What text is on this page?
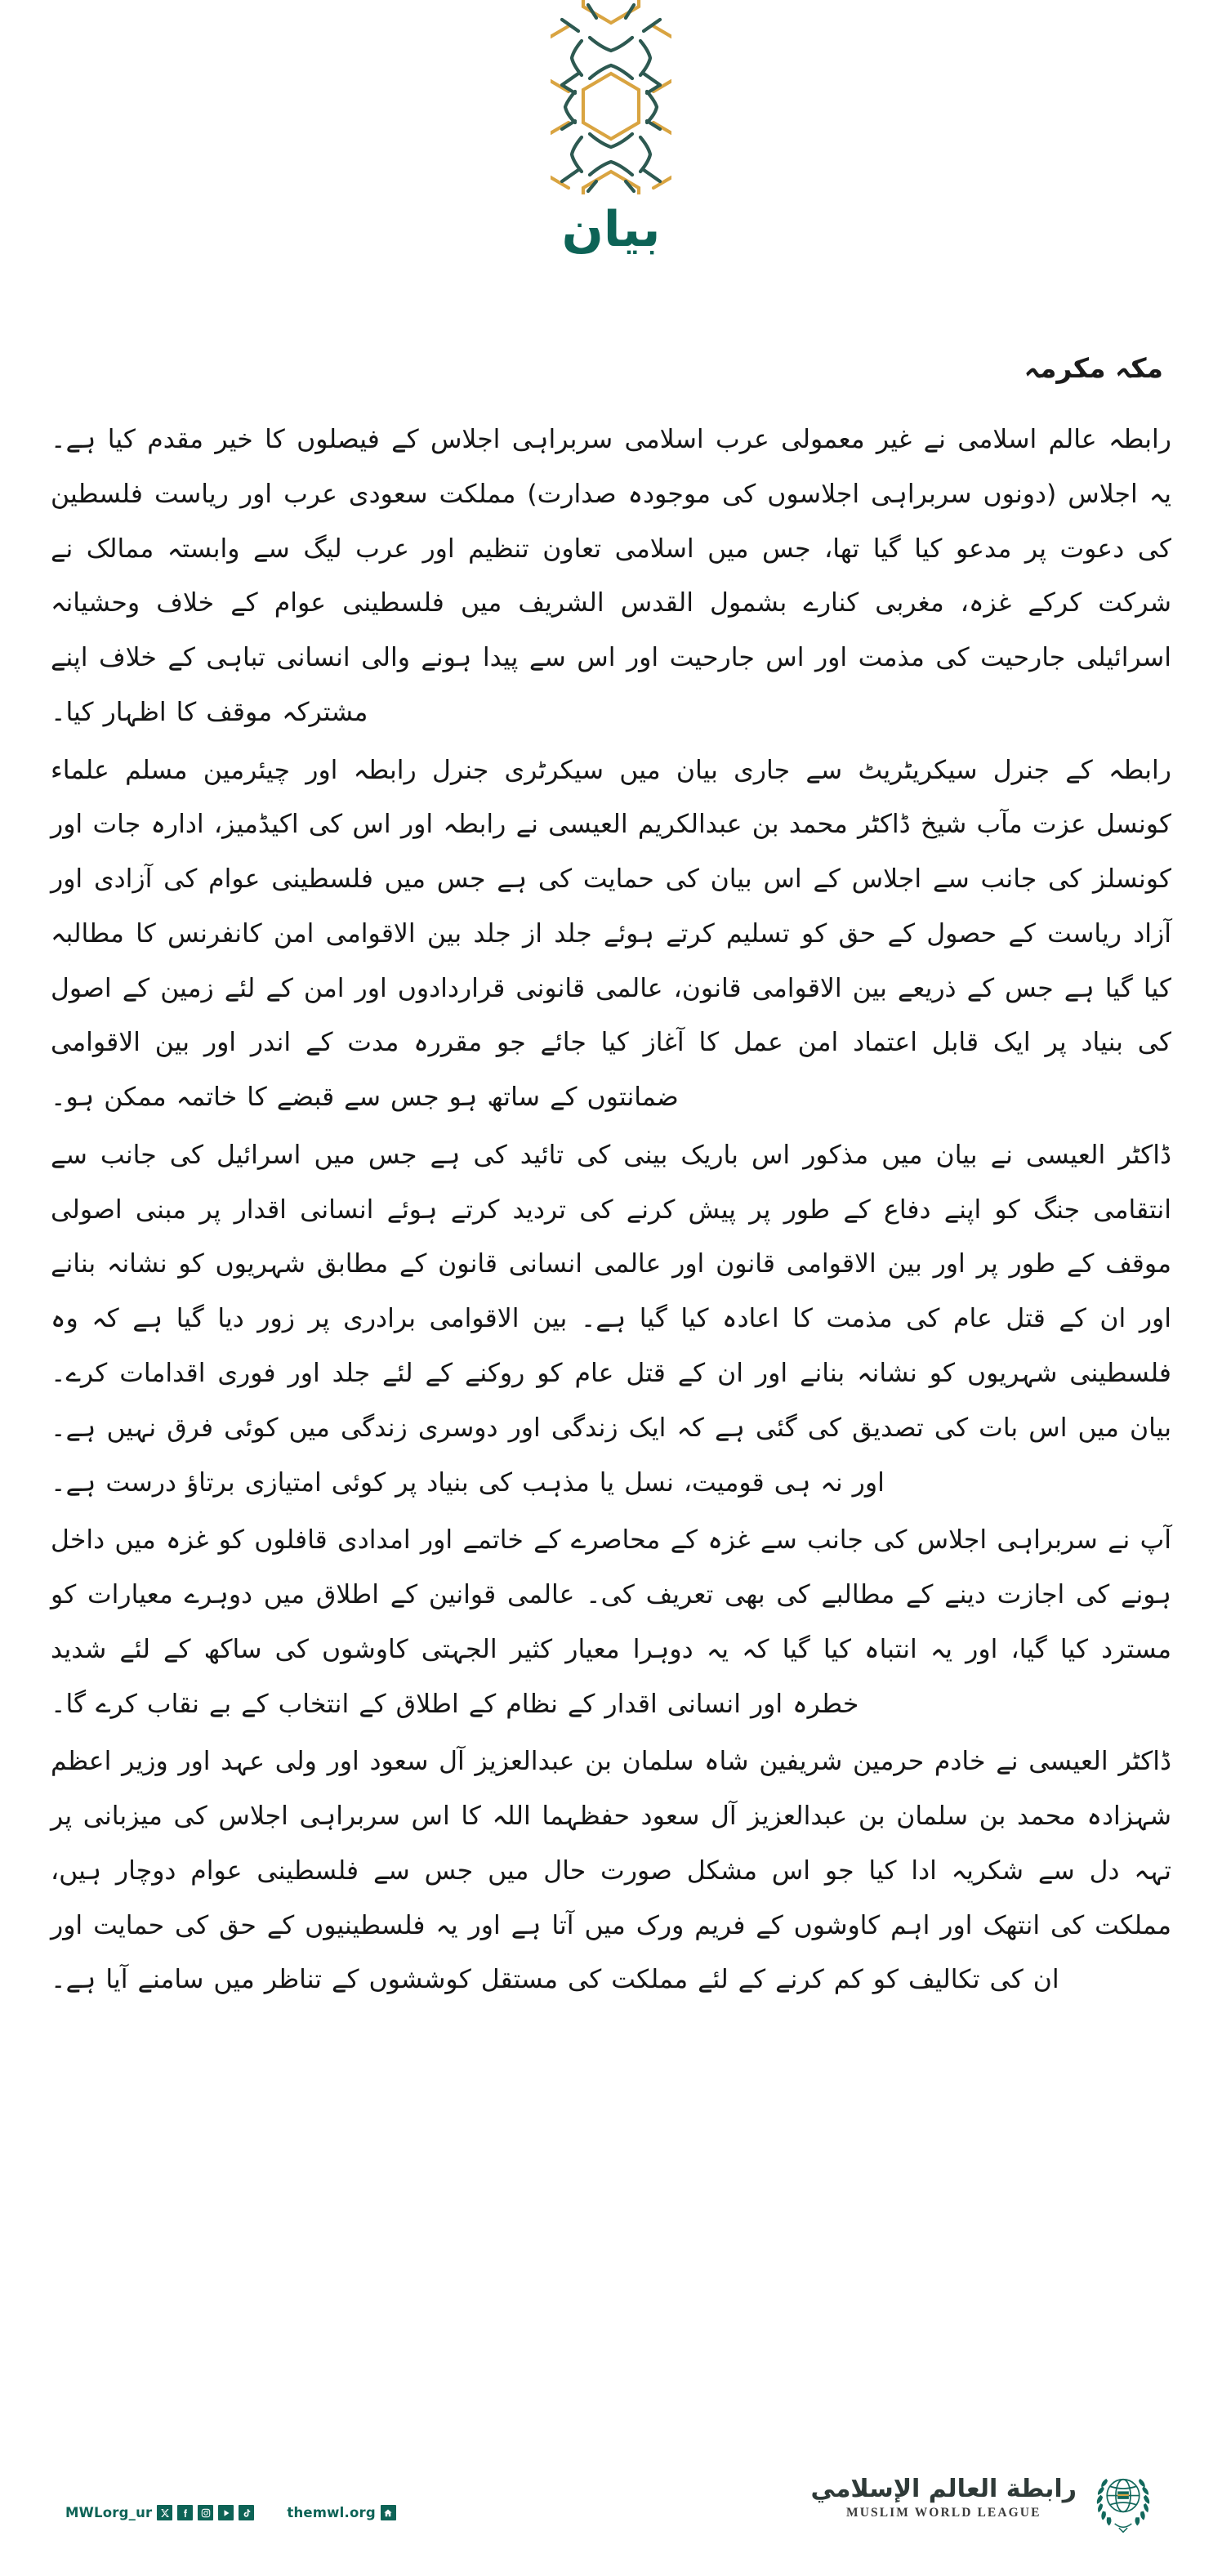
بیان
مکہ مکرمہ

رابطہ عالم اسلامی نے غیر معمولی عرب اسلامی سربراہی اجلاس کے فیصلوں کا خیر مقدم کیا ہے۔ یہ اجلاس (دونوں سربراہی اجلاسوں کی موجودہ صدارت) مملکت سعودی عرب اور ریاست فلسطین کی دعوت پر مدعو کیا گیا تھا، جس میں اسلامی تعاون تنظیم اور عرب لیگ سے وابستہ ممالک نے شرکت کرکے غزہ، مغربی کنارے بشمول القدس الشریف میں فلسطینی عوام کے خلاف وحشیانہ اسرائیلی جارحیت کی مذمت اور اس جارحیت اور اس سے پیدا ہونے والی انسانی تباہی کے خلاف اپنے مشترکہ موقف کا اظہار کیا۔

رابطہ کے جنرل سیکریٹریٹ سے جاری بیان میں سیکرٹری جنرل رابطہ اور چیئرمین مسلم علماء کونسل عزت مآب شیخ ڈاکٹر محمد بن عبدالکریم العیسی نے رابطہ اور اس کی اکیڈمیز، ادارہ جات اور کونسلز کی جانب سے اجلاس کے اس بیان کی حمایت کی ہے جس میں فلسطینی عوام کی آزادی اور آزاد ریاست کے حصول کے حق کو تسلیم کرتے ہوئے جلد از جلد بین الاقوامی امن کانفرنس کا مطالبہ کیا گیا ہے جس کے ذریعے بین الاقوامی قانون، عالمی قانونی قراردادوں اور امن کے لئے زمین کے اصول کی بنیاد پر ایک قابل اعتماد امن عمل کا آغاز کیا جائے جو مقررہ مدت کے اندر اور بین الاقوامی ضمانتوں کے ساتھ ہو جس سے قبضے کا خاتمہ ممکن ہو۔

ڈاکٹر العیسی نے بیان میں مذکور اس باریک بینی کی تائید کی ہے جس میں اسرائیل کی جانب سے انتقامی جنگ کو اپنے دفاع کے طور پر پیش کرنے کی تردید کرتے ہوئے انسانی اقدار پر مبنی اصولی موقف کے طور پر اور بین الاقوامی قانون اور عالمی انسانی قانون کے مطابق شہریوں کو نشانہ بنانے اور ان کے قتل عام کی مذمت کا اعادہ کیا گیا ہے۔ بین الاقوامی برادری پر زور دیا گیا ہے کہ وہ فلسطینی شہریوں کو نشانہ بنانے اور ان کے قتل عام کو روکنے کے لئے جلد اور فوری اقدامات کرے۔ بیان میں اس بات کی تصدیق کی گئی ہے کہ ایک زندگی اور دوسری زندگی میں کوئی فرق نہیں ہے۔ اور نہ ہی قومیت، نسل یا مذہب کی بنیاد پر کوئی امتیازی برتاؤ درست ہے۔

آپ نے سربراہی اجلاس کی جانب سے غزہ کے محاصرے کے خاتمے اور امدادی قافلوں کو غزہ میں داخل ہونے کی اجازت دینے کے مطالبے کی بھی تعریف کی۔ عالمی قوانین کے اطلاق میں دوہرے معیارات کو مسترد کیا گیا، اور یہ انتباہ کیا گیا کہ یہ دوہرا معیار کثیر الجہتی کاوشوں کی ساکھ کے لئے شدید خطرہ اور انسانی اقدار کے نظام کے اطلاق کے انتخاب کے بے نقاب کرے گا۔

ڈاکٹر العیسی نے خادم حرمین شریفین شاہ سلمان بن عبدالعزیز آل سعود اور ولی عہد اور وزیر اعظم شہزادہ محمد بن سلمان بن عبدالعزیز آل سعود حفظہما اللہ کا اس سربراہی اجلاس کی میزبانی پر تہہ دل سے شکریہ ادا کیا جو اس مشکل صورت حال میں جس سے فلسطینی عوام دوچار ہیں، مملکت کی انتھک اور اہم کاوشوں کے فریم ورک میں آتا ہے اور یہ فلسطینیوں کے حق کی حمایت اور ان کی تکالیف کو کم کرنے کے لئے مملکت کی مستقل کوششوں کے تناظر میں سامنے آیا ہے۔

MWLorg_ur	themwl.org
رابطة العالم الإسلامي
MUSLIM WORLD LEAGUE
